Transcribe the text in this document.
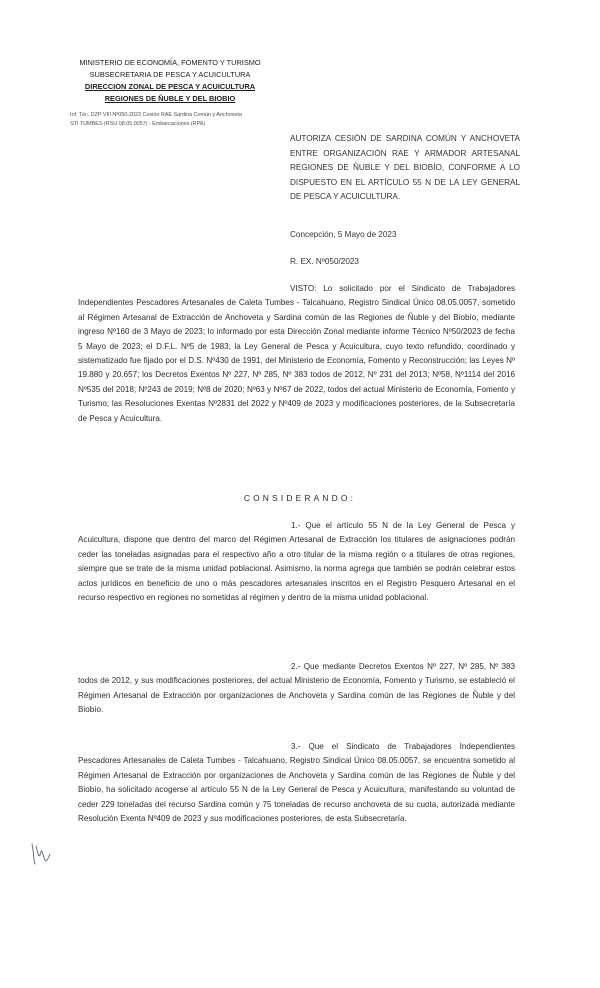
MINISTERIO DE ECONOMÍA, FOMENTO Y TURISMO
SUBSECRETARIA DE PESCA Y ACUICULTURA
DIRECCION ZONAL DE PESCA Y ACUICULTURA
REGIONES DE ÑUBLE Y DEL BIOBIO
Inf. Téc. DZP VIII Nº050-2023 Cesión RAE Sardina Común y Anchoveta
STI TUMBES (RSU 08.05.0057) - Embarcaciones (RPA)
AUTORIZA CESIÓN DE SARDINA COMÚN Y ANCHOVETA ENTRE ORGANIZACIÓN RAE Y ARMADOR ARTESANAL REGIONES DE ÑUBLE Y DEL BIOBÍO, CONFORME A LO DISPUESTO EN EL ARTÍCULO 55 N DE LA LEY GENERAL DE PESCA Y ACUICULTURA.
Concepción, 5 Mayo de 2023
R. EX. Nº050/2023
VISTO: Lo solicitado por el Sindicato de Trabajadores Independientes Pescadores Artesanales de Caleta Tumbes - Talcahuano, Registro Sindical Único 08.05.0057, sometido al Régimen Artesanal de Extracción de Anchoveta y Sardina común de las Regiones de Ñuble y del Biobío, mediante ingreso Nº160 de 3 Mayo de 2023; lo informado por esta Dirección Zonal mediante informe Técnico Nº50/2023 de fecha 5 Mayo de 2023; el D.F.L. Nº5 de 1983; la Ley General de Pesca y Acuicultura, cuyo texto refundido, coordinado y sistematizado fue fijado por el D.S. Nº430 de 1991, del Ministerio de Economía, Fomento y Reconstrucción; las Leyes Nº 19.880 y 20.657; los Decretos Exentos Nº 227, Nº 285, Nº 383 todos de 2012, Nº 231 del 2013; Nº58, Nº1114 del 2016 Nº535 del 2018; Nº243 de 2019; Nº8 de 2020; Nº63 y Nº67 de 2022, todos del actual Ministerio de Economía, Fomento y Turismo; las Resoluciones Exentas Nº2831 del 2022 y Nº409 de 2023 y modificaciones posteriores, de la Subsecretaría de Pesca y Acuicultura.
CONSIDERANDO:
1.- Que el artículo 55 N de la Ley General de Pesca y Acuicultura, dispone que dentro del marco del Régimen Artesanal de Extracción los titulares de asignaciones podrán ceder las toneladas asignadas para el respectivo año a otro titular de la misma región o a titulares de otras regiones, siempre que se trate de la misma unidad poblacional. Asimismo, la norma agrega que también se podrán celebrar estos actos jurídicos en beneficio de uno o más pescadores artesanales inscritos en el Registro Pesquero Artesanal en el recurso respectivo en regiones no sometidas al régimen y dentro de la misma unidad poblacional.
2.- Que mediante Decretos Exentos Nº 227, Nº 285, Nº 383 todos de 2012, y sus modificaciones posteriores, del actual Ministerio de Economía, Fomento y Turismo, se estableció el Régimen Artesanal de Extracción por organizaciones de Anchoveta y Sardina común de las Regiones de Ñuble y del Biobío.
3.- Que el Sindicato de Trabajadores Independientes Pescadores Artesanales de Caleta Tumbes - Talcahuano, Registro Sindical Único 08.05.0057, se encuentra sometido al Régimen Artesanal de Extracción por organizaciones de Anchoveta y Sardina común de las Regiones de Ñuble y del Biobío, ha solicitado acogerse al artículo 55 N de la Ley General de Pesca y Acuicultura, manifestando su voluntad de ceder 229 toneladas del recurso Sardina común y 75 toneladas de recurso anchoveta de su cuota, autorizada mediante Resolución Exenta Nº409 de 2023 y sus modificaciones posteriores, de esta Subsecretaría.
